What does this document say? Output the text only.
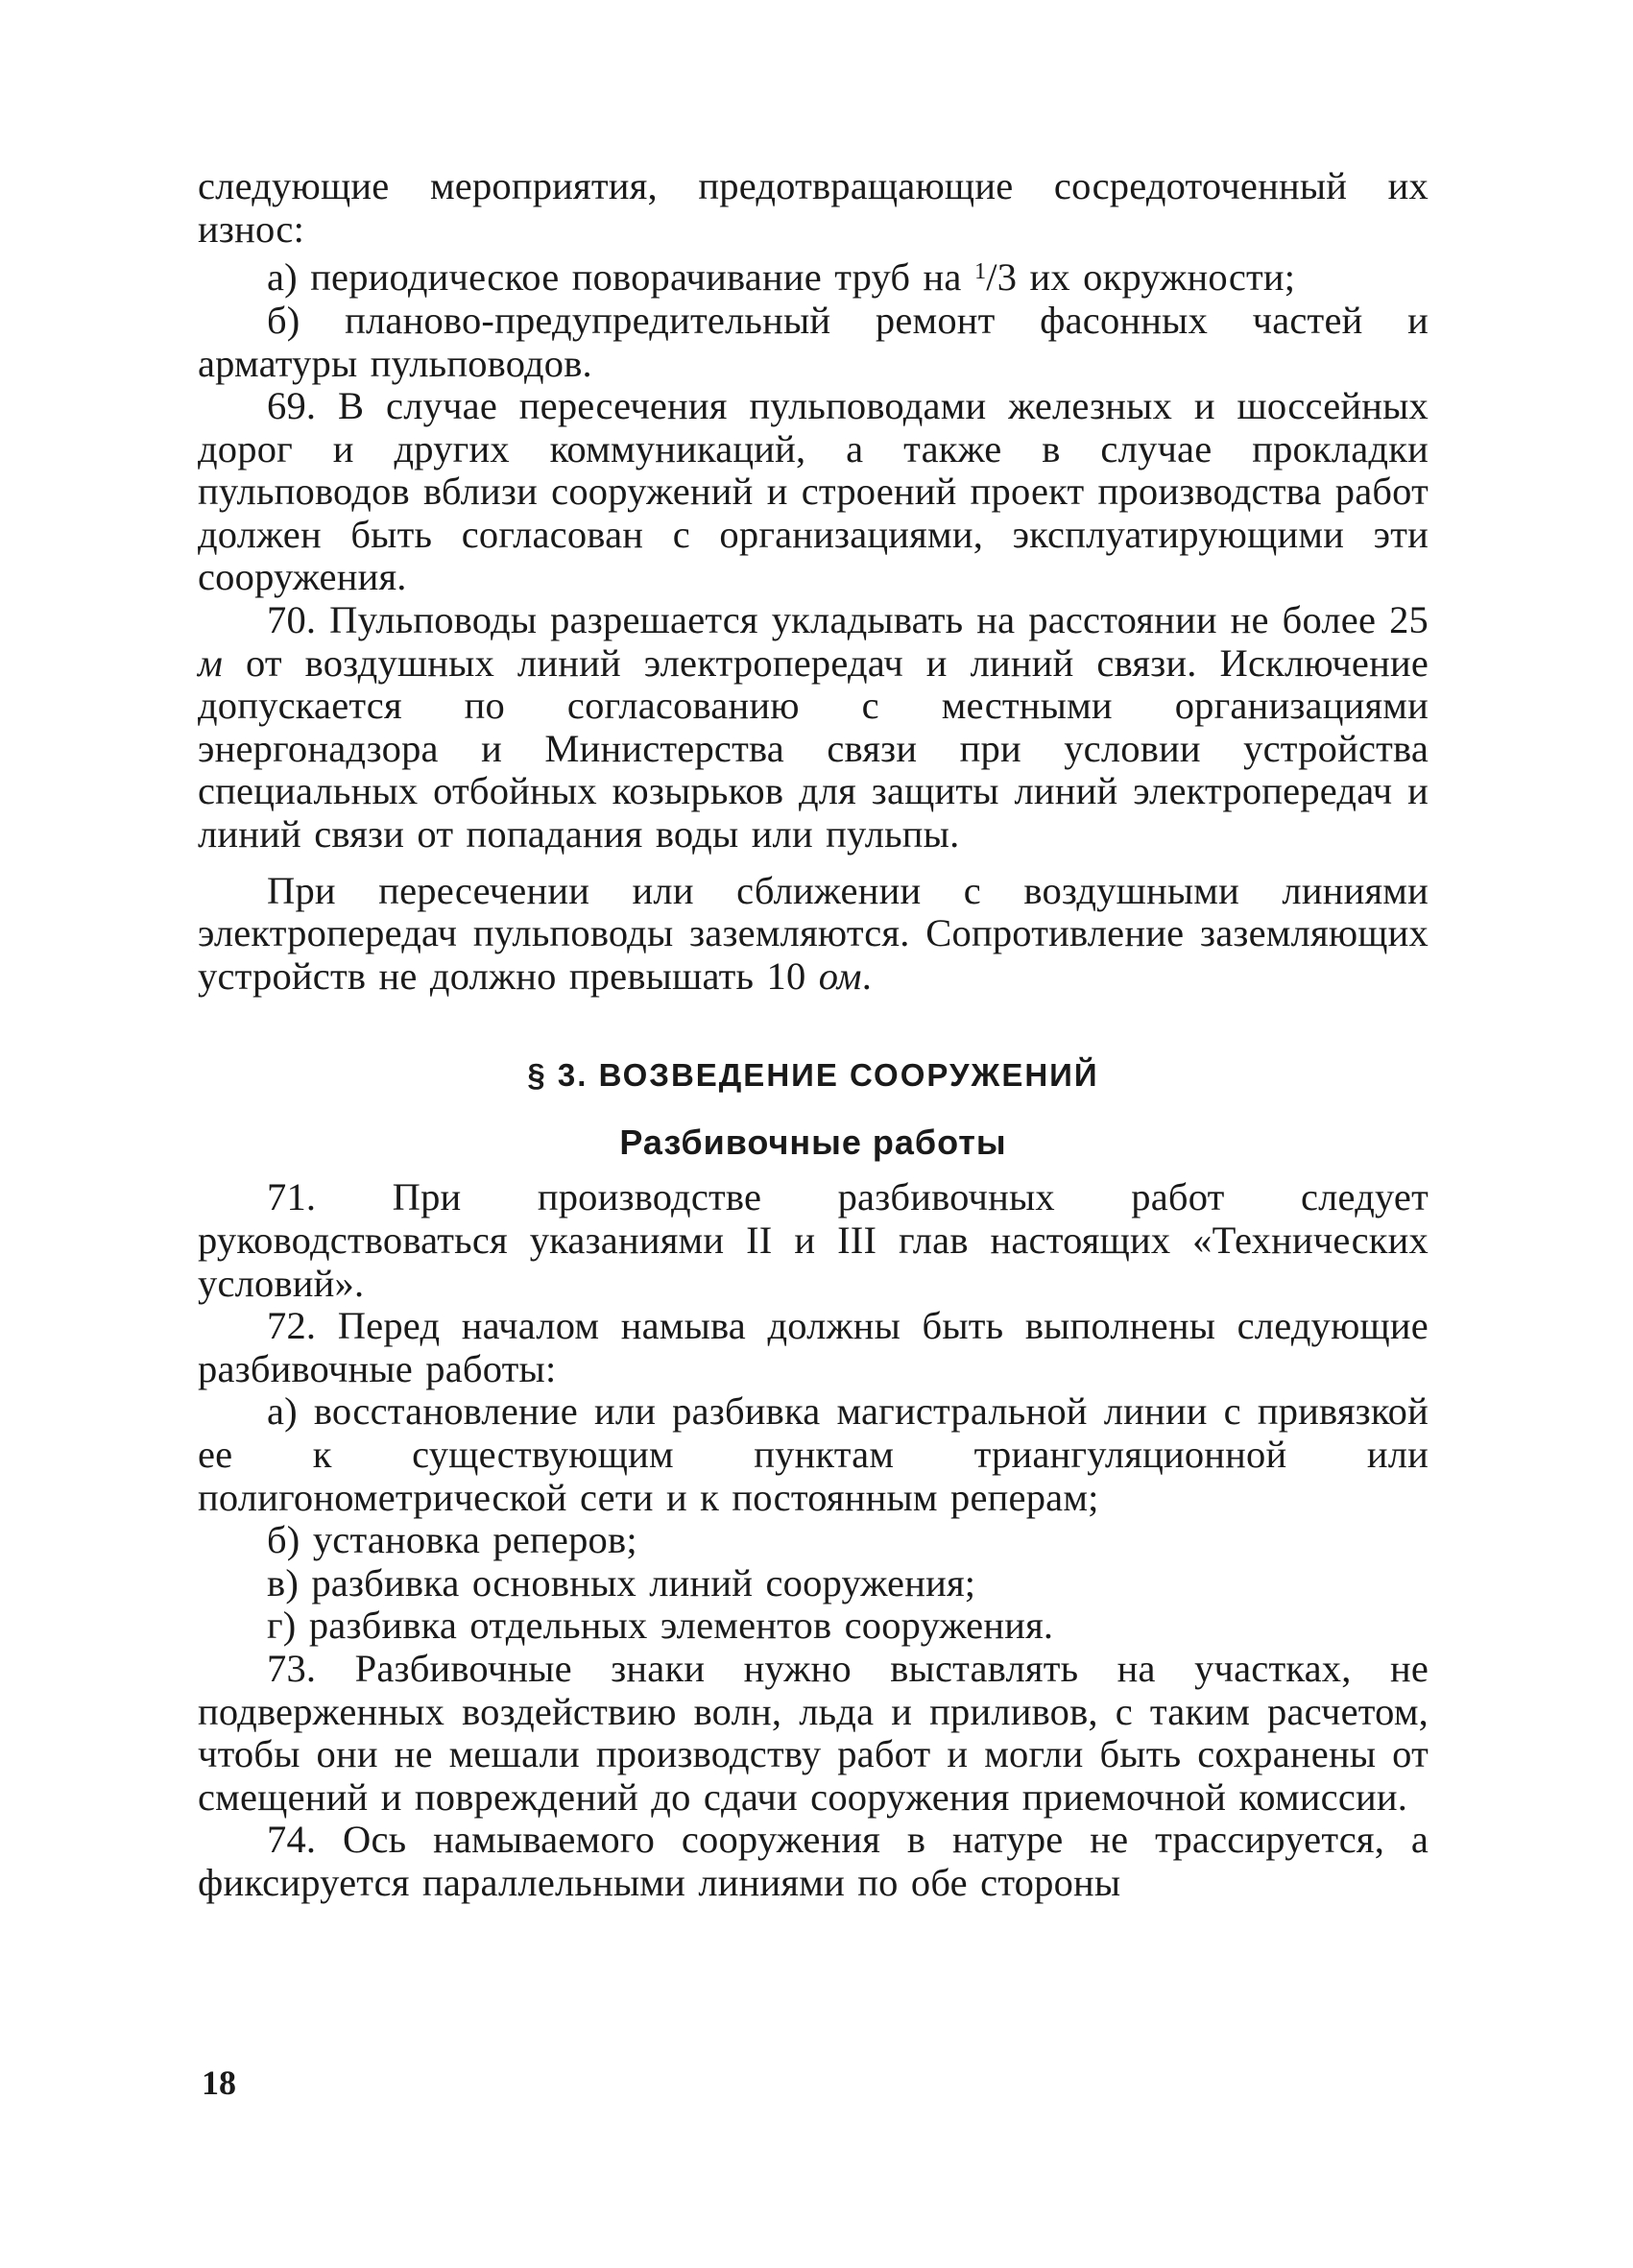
следующие мероприятия, предотвращающие сосредоточенный их износ:

а) периодическое поворачивание труб на $^1$/3 их окружности;

б) планово-предупредительный ремонт фасонных частей и арматуры пульповодов.

69. В случае пересечения пульповодами железных и шоссейных дорог и других коммуникаций, а также в случае прокладки пульповодов вблизи сооружений и строений проект производства работ должен быть согласован с организациями, эксплуатирующими эти сооружения.

70. Пульповоды разрешается укладывать на расстоянии не более 25 м от воздушных линий электропередач и линий связи. Исключение допускается по согласованию с местными организациями энергонадзора и Министерства связи при условии устройства специальных отбойных козырьков для защиты линий электропередач и линий связи от попадания воды или пульпы.

При пересечении или сближении с воздушными линиями электропередач пульповоды заземляются. Сопротивление заземляющих устройств не должно превышать 10 ом.

§ 3. ВОЗВЕДЕНИЕ СООРУЖЕНИЙ

Разбивочные работы

71. При производстве разбивочных работ следует руководствоваться указаниями II и III глав настоящих «Технических условий».

72. Перед началом намыва должны быть выполнены следующие разбивочные работы:

а) восстановление или разбивка магистральной линии с привязкой ее к существующим пунктам триангуляционной или полигонометрической сети и к постоянным реперам;

б) установка реперов;

в) разбивка основных линий сооружения;

г) разбивка отдельных элементов сооружения.

73. Разбивочные знаки нужно выставлять на участках, не подверженных воздействию волн, льда и приливов, с таким расчетом, чтобы они не мешали производству работ и могли быть сохранены от смещений и повреждений до сдачи сооружения приемочной комиссии.

74. Ось намываемого сооружения в натуре не трассируется, а фиксируется параллельными линиями по обе стороны

18
